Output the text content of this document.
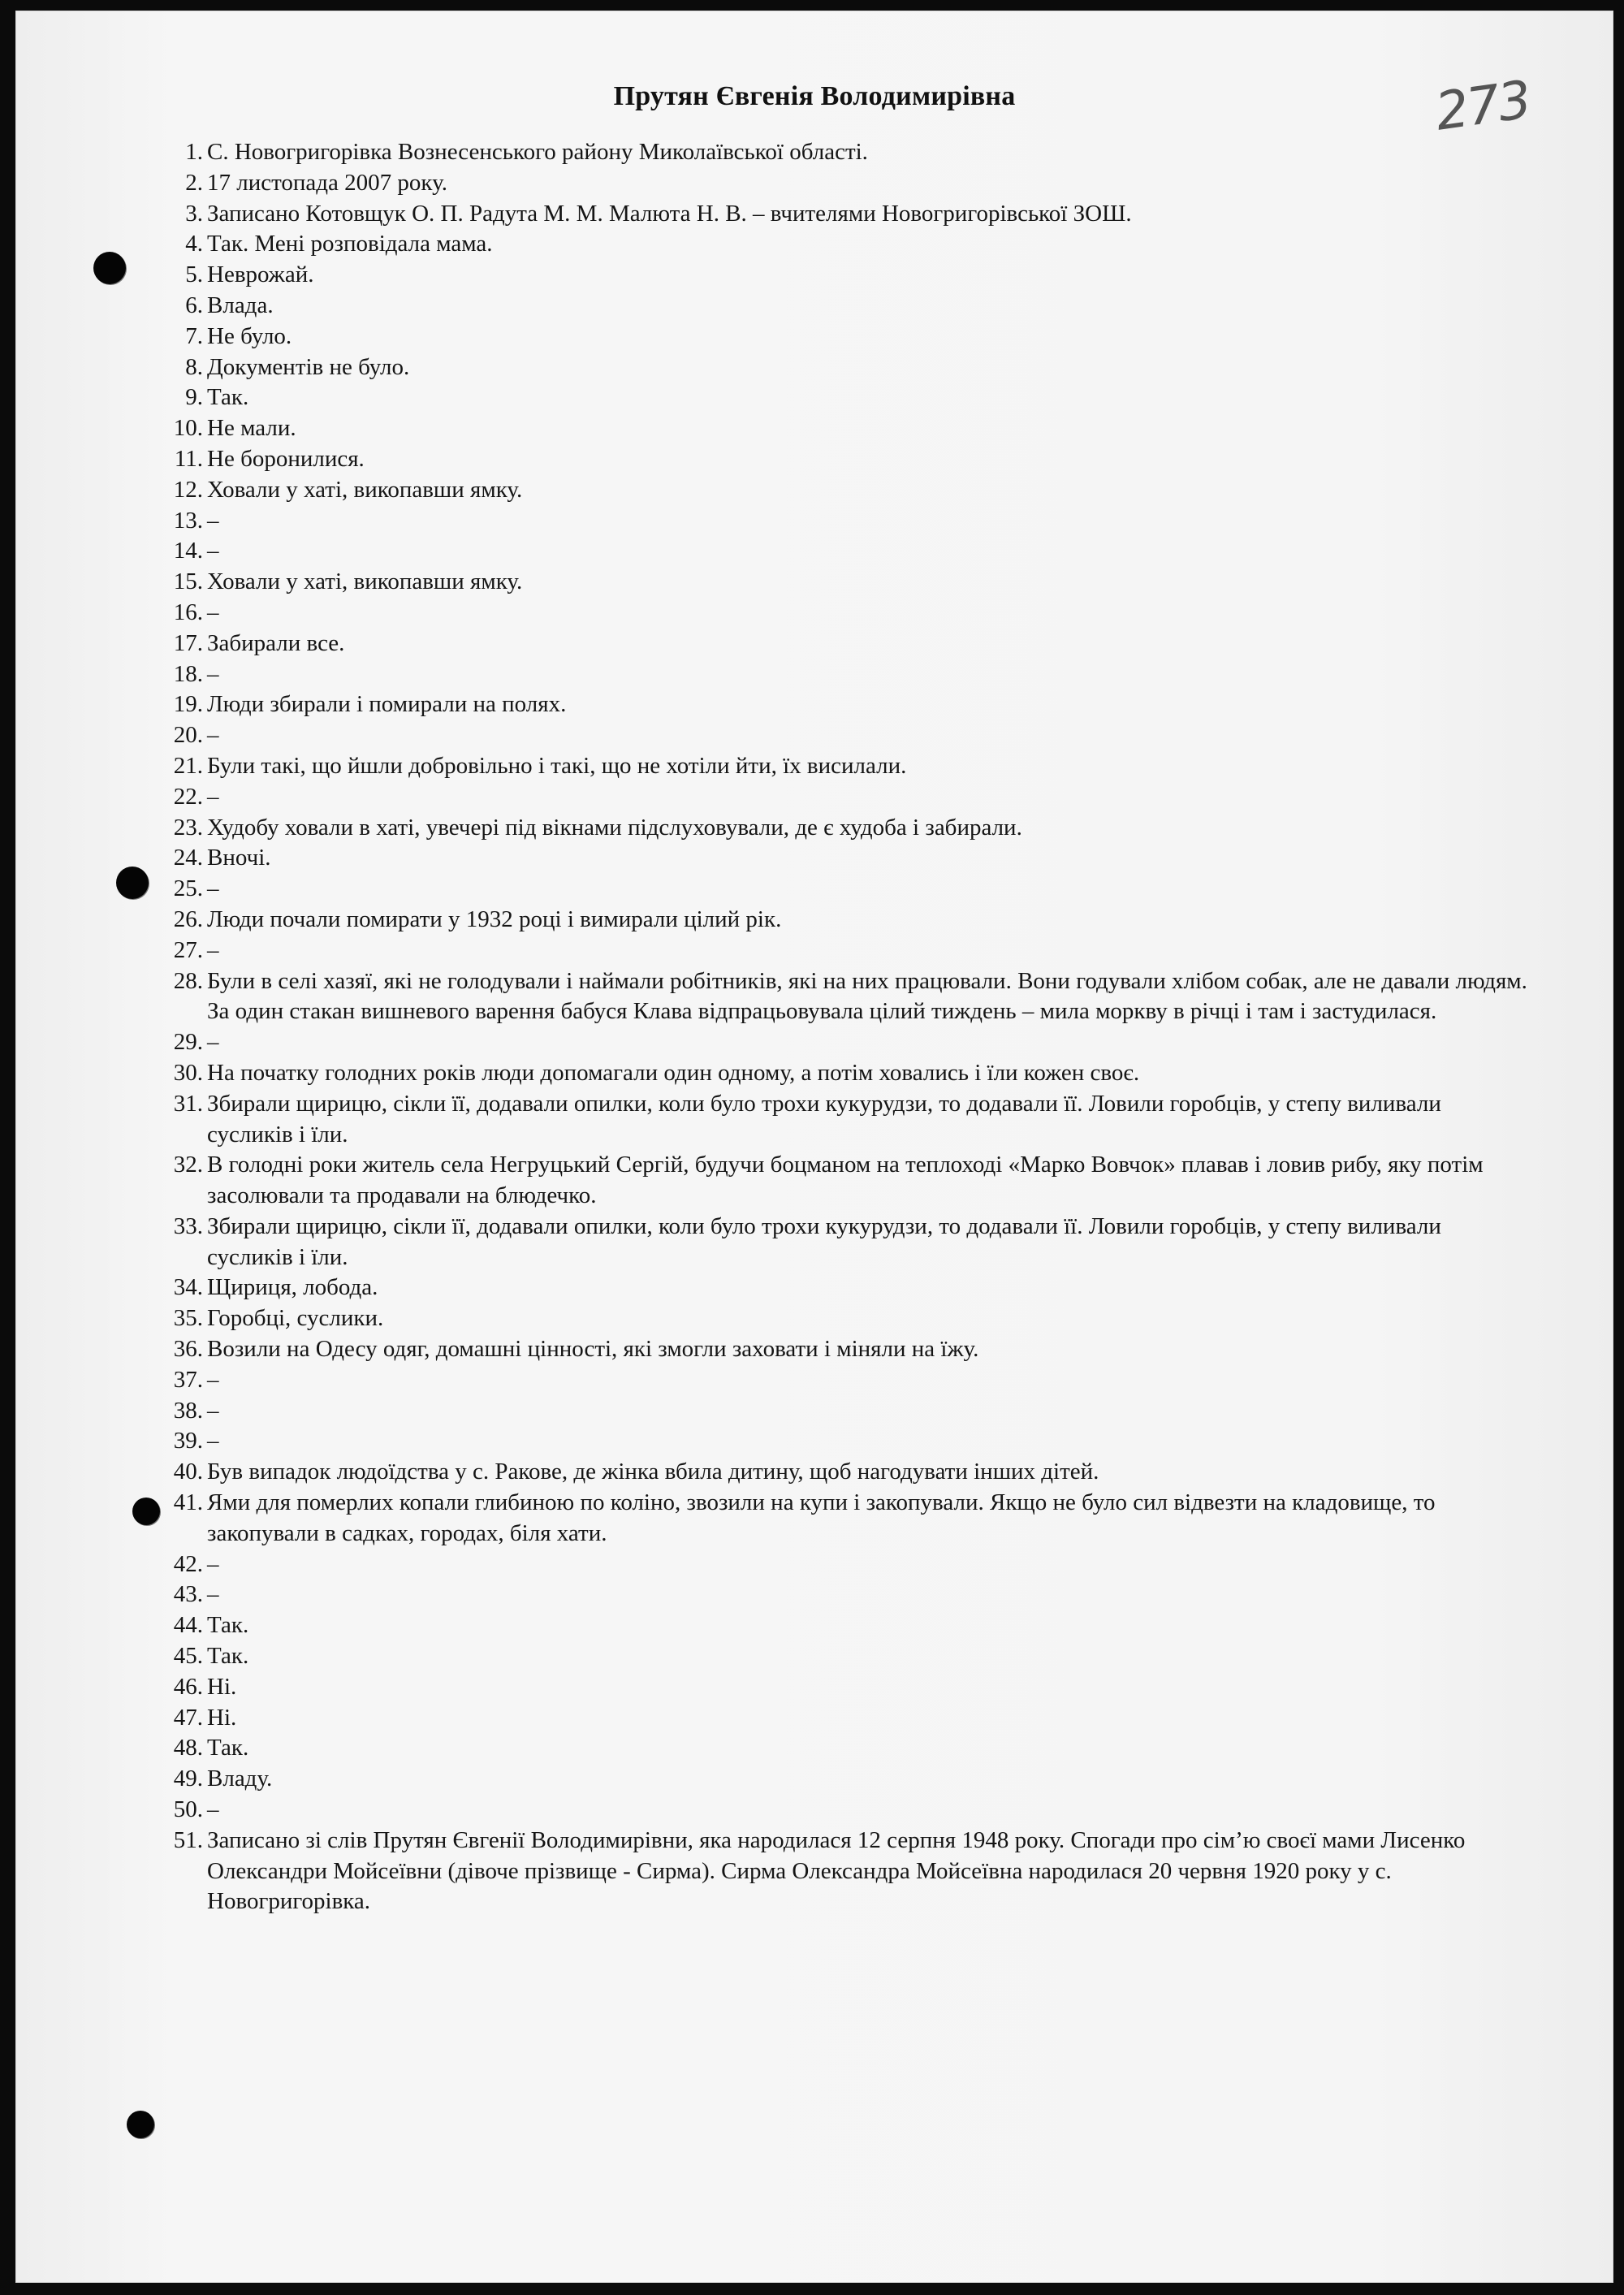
Прутян Євгенія Володимирівна	273
1. С. Новогригорівка Вознесенського району Миколаївської області.
2. 17 листопада 2007 року.
3. Записано Котовщук О. П. Радута М. М. Малюта Н. В. – вчителями Новогригорівської ЗОШ.
4. Так. Мені розповідала мама.
5. Неврожай.
6. Влада.
7. Не було.
8. Документів не було.
9. Так.
10. Не мали.
11. Не боронилися.
12. Ховали у хаті, викопавши ямку.
13. –
14. –
15. Ховали у хаті, викопавши ямку.
16. –
17. Забирали все.
18. –
19. Люди збирали і помирали на полях.
20. –
21. Були такі, що йшли добровільно і такі, що не хотіли йти, їх висилали.
22. –
23. Худобу ховали в хаті, увечері під вікнами підслуховували, де є худоба і забирали.
24. Вночі.
25. –
26. Люди почали помирати у 1932 році і вимирали цілий рік.
27. –
28. Були в селі хазяї, які не голодували і наймали робітників, які на них працювали. Вони годували хлібом собак, але не давали людям. За один стакан вишневого варення бабуся Клава відпрацьовувала цілий тиждень – мила моркву в річці і там і застудилася.
29. –
30. На початку голодних років люди допомагали один одному, а потім ховались і їли кожен своє.
31. Збирали щирицю, сікли її, додавали опилки, коли було трохи кукурудзи, то додавали її. Ловили горобців, у степу виливали сусликів і їли.
32. В голодні роки житель села Негруцький Сергій, будучи боцманом на теплоході «Марко Вовчок» плавав і ловив рибу, яку потім засолювали та продавали на блюдечко.
33. Збирали щирицю, сікли її, додавали опилки, коли було трохи кукурудзи, то додавали її. Ловили горобців, у степу виливали сусликів і їли.
34. Щириця, лобода.
35. Горобці, суслики.
36. Возили на Одесу одяг, домашні цінності, які змогли заховати і міняли на їжу.
37. –
38. –
39. –
40. Був випадок людоїдства у с. Ракове, де жінка вбила дитину, щоб нагодувати інших дітей.
41. Ями для померлих копали глибиною по коліно, звозили на купи і закопували. Якщо не було сил відвезти на кладовище, то закопували в садках, городах, біля хати.
42. –
43. –
44. Так.
45. Так.
46. Ні.
47. Ні.
48. Так.
49. Владу.
50. –
51. Записано зі слів Прутян Євгенії Володимирівни, яка народилася 12 серпня 1948 року. Спогади про сім’ю своєї мами Лисенко Олександри Мойсеївни (дівоче прізвище - Сирма). Сирма Олександра Мойсеївна народилася 20 червня 1920 року у с. Новогригорівка.
